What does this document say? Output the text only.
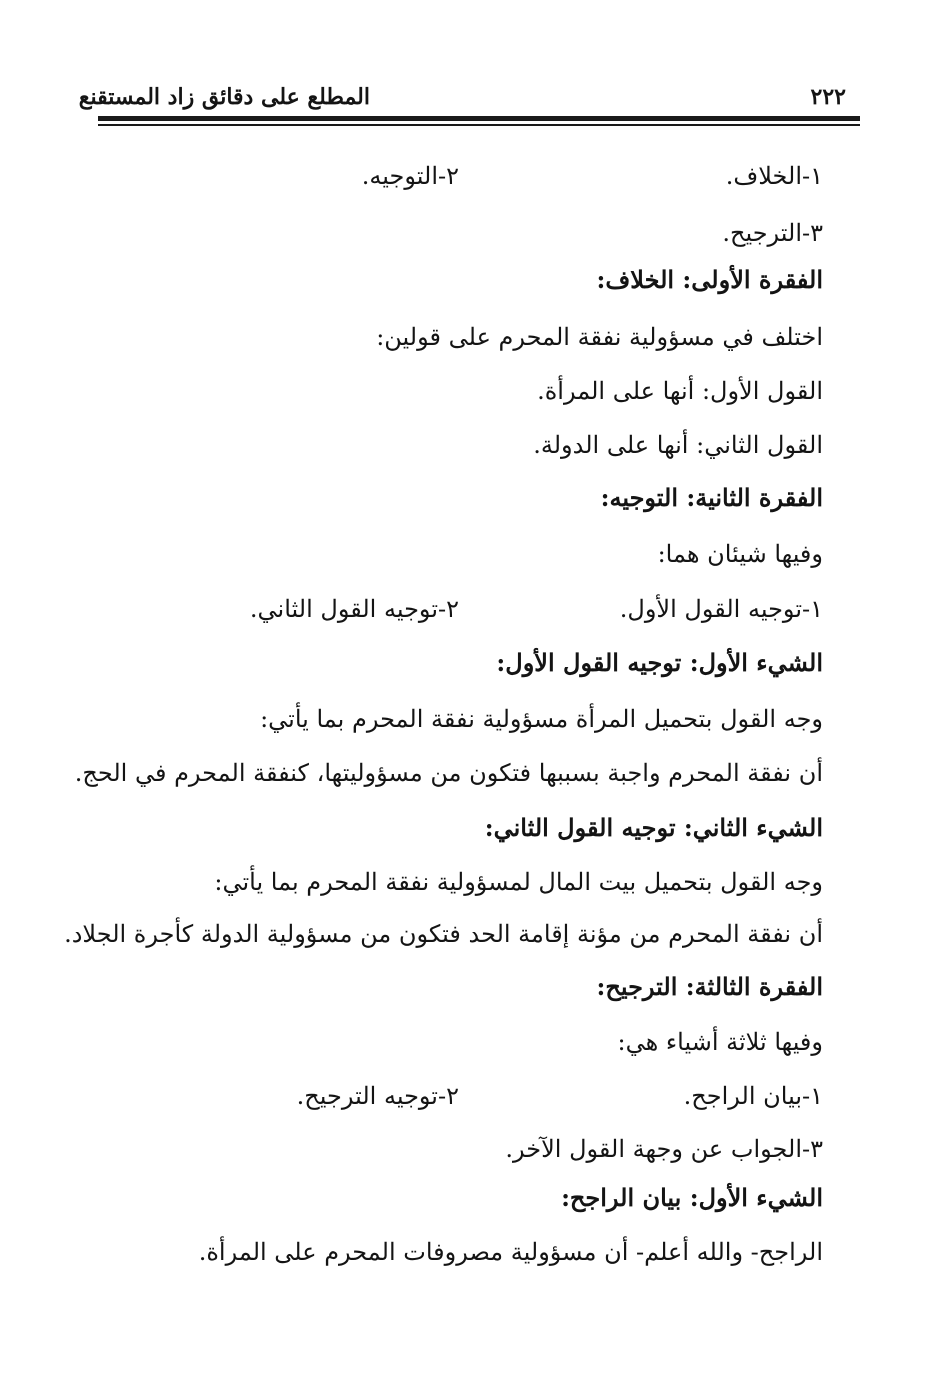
٢٢٢
المطلع على دقائق زاد المستقنع
١-الخلاف.
٢-التوجيه.
٣-الترجيح.
الفقرة الأولى: الخلاف:
اختلف في مسؤولية نفقة المحرم على قولين:
القول الأول: أنها على المرأة.
القول الثاني: أنها على الدولة.
الفقرة الثانية: التوجيه:
وفيها شيئان هما:
١-توجيه القول الأول.
٢-توجيه القول الثاني.
الشيء الأول: توجيه القول الأول:
وجه القول بتحميل المرأة مسؤولية نفقة المحرم بما يأتي:
أن نفقة المحرم واجبة بسببها فتكون من مسؤوليتها، كنفقة المحرم في الحج.
الشيء الثاني: توجيه القول الثاني:
وجه القول بتحميل بيت المال لمسؤولية نفقة المحرم بما يأتي:
أن نفقة المحرم من مؤنة إقامة الحد فتكون من مسؤولية الدولة كأجرة الجلاد.
الفقرة الثالثة: الترجيح:
وفيها ثلاثة أشياء هي:
١-بيان الراجح.
٢-توجيه الترجيح.
٣-الجواب عن وجهة القول الآخر.
الشيء الأول: بيان الراجح:
الراجح- والله أعلم- أن مسؤولية مصروفات المحرم على المرأة.
